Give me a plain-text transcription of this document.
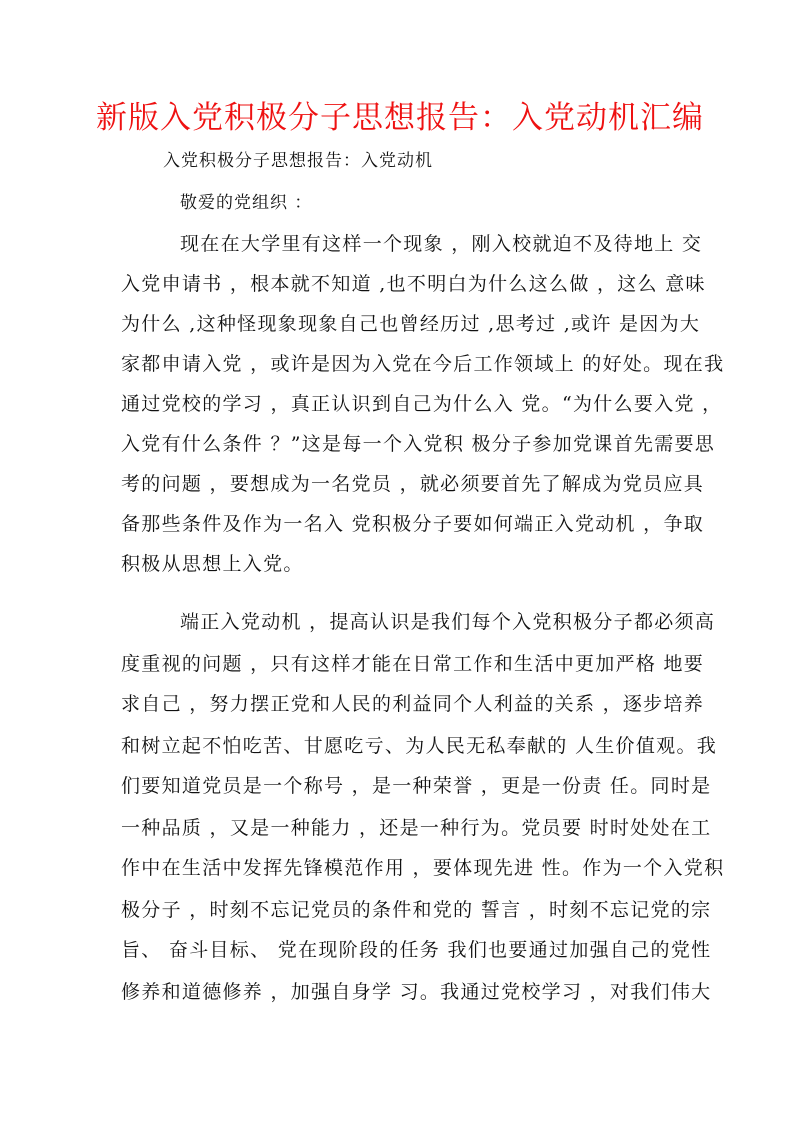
新版入党积极分子思想报告：入党动机汇编
入党积极分子思想报告：入党动机
敬爱的党组织 ：
现在在大学里有这样一个现象 ，刚入校就迫不及待地上 交
入党申请书 ，根本就不知道 ,也不明白为什么这么做 ，这么 意味
为什么 ,这种怪现象现象自己也曾经历过 ,思考过 ,或许 是因为大
家都申请入党 ，或许是因为入党在今后工作领域上 的好处。现在我
通过党校的学习 ，真正认识到自己为什么入 党。“为什么要入党 ，
入党有什么条件 ？”这是每一个入党积 极分子参加党课首先需要思
考的问题 ，要想成为一名党员 ，就必须要首先了解成为党员应具
备那些条件及作为一名入 党积极分子要如何端正入党动机 ，争取
积极从思想上入党。
端正入党动机 ，提高认识是我们每个入党积极分子都必须高
度重视的问题 ，只有这样才能在日常工作和生活中更加严格 地要
求自己 ，努力摆正党和人民的利益同个人利益的关系 ，逐步培养
和树立起不怕吃苦、甘愿吃亏、为人民无私奉献的 人生价值观。我
们要知道党员是一个称号 ，是一种荣誉 ，更是一份责 任。同时是
一种品质 ，又是一种能力 ，还是一种行为。党员要 时时处处在工
作中在生活中发挥先锋模范作用 ，要体现先进 性。作为一个入党积
极分子 ，时刻不忘记党员的条件和党的 誓言 ，时刻不忘记党的宗
旨、 奋斗目标、 党在现阶段的任务 我们也要通过加强自己的党性
修养和道德修养 ，加强自身学 习。我通过党校学习 ，对我们伟大
